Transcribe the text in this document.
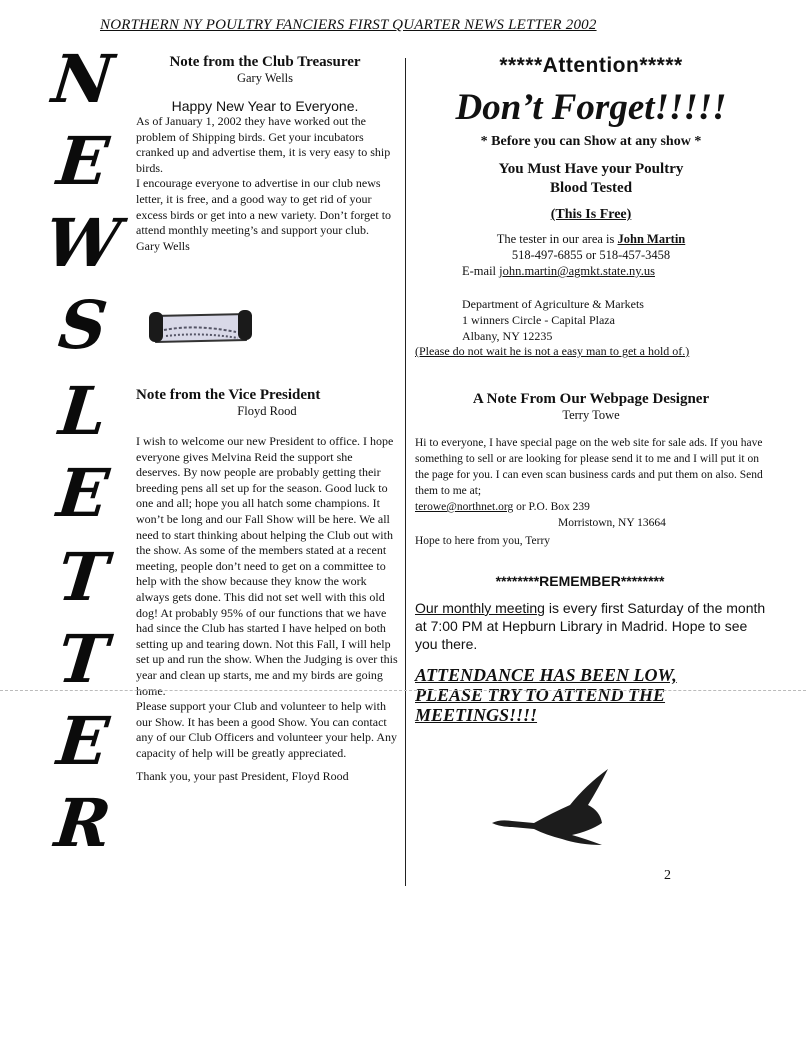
NORTHERN NY POULTRY FANCIERS FIRST QUARTER NEWS LETTER 2002
N
E
W
S
L
E
T
T
E
R

Note from the Club Treasurer

Gary Wells

Happy New Year to Everyone.

As of January 1, 2002 they have worked out the problem of Shipping birds. Get your incubators cranked up and advertise them, it is very easy to ship birds.

I encourage everyone to advertise in our club news letter, it is free, and a good way to get rid of your excess birds or get into a new variety. Don’t forget to attend monthly meeting’s and support your club.

Gary Wells

Note from the Vice President

Floyd Rood

I wish to welcome our new President to office. I hope everyone gives Melvina Reid the support she deserves. By now people are probably getting their breeding pens all set up for the season. Good luck to one and all; hope you all hatch some champions. It won’t be long and our Fall Show will be here. We all need to start thinking about helping the Club out with the show. As some of the members stated at a recent meeting, people don’t need to get on a committee to help with the show because they know the work always gets done. This did not set well with this old dog! At probably 95% of our functions that we have had since the Club has started I have helped on both setting up and tearing down. Not this Fall, I will help set up and run the show. When the Judging is over this year and clean up starts, me and my birds are going home.

Please support your Club and volunteer to help with our Show. It has been a good Show. You can contact any of our Club Officers and volunteer your help. Any capacity of help will be greatly appreciated.

Thank you, your past President, Floyd Rood

*****Attention*****

Don’t Forget!!!!!

* Before you can Show at any show *

You Must Have your Poultry

Blood Tested

(This Is Free)

The tester in our area is John Martin

518-497-6855 or 518-457-3458

E-mail john.martin@agmkt.state.ny.us

Department of Agriculture & Markets
1 winners Circle - Capital Plaza
Albany, NY 12235
(Please do not wait he is not a easy man to get a hold of.)

A Note From Our Webpage Designer

Terry Towe

Hi to everyone, I have special page on the web site for sale ads. If you have something to sell or are looking for please send it to me and I will put it on the page for you. I can even scan business cards and put them on also. Send them to me at;

terowe@northnet.org or P.O. Box 239

Morristown, NY 13664

Hope to here from you, Terry

********REMEMBER********
Our monthly meeting is every first Saturday of the month at 7:00 PM at Hepburn Library in Madrid. Hope to see you there.
ATTENDANCE HAS BEEN LOW, PLEASE TRY TO ATTEND THE MEETINGS!!!!
2
